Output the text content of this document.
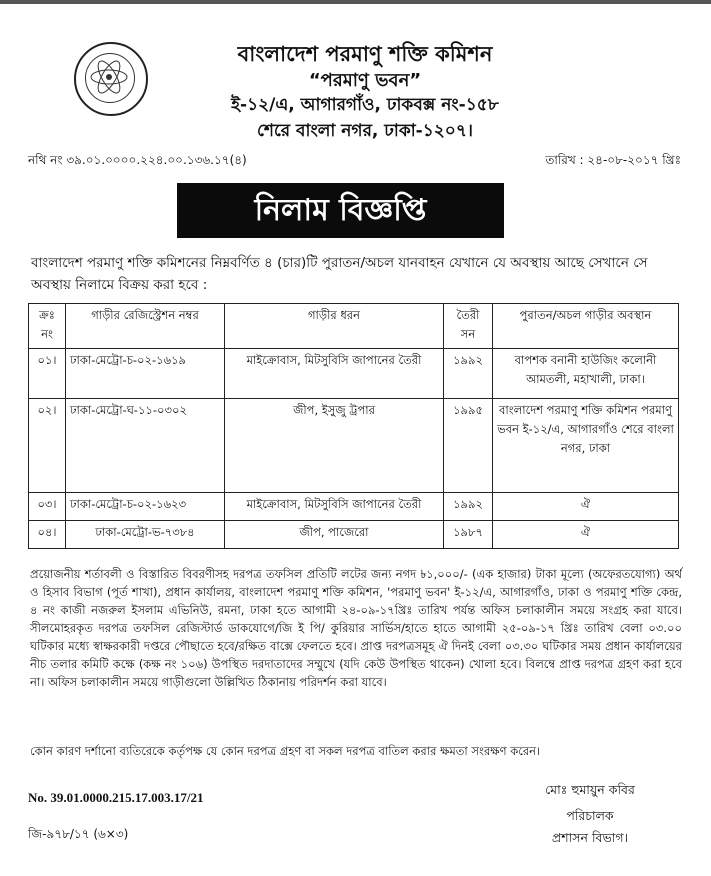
বাংলাদেশ পরমাণু শক্তি কমিশন
“পরমাণু ভবন”
ই-১২/এ, আগারগাঁও, ঢাকবক্স নং-১৫৮
শেরে বাংলা নগর, ঢাকা-১২০৭।
নথি নং ৩৯.০১.০০০০.২২৪.০০.১৩৬.১৭(৪)	তারিখ : ২৪-০৮-২০১৭ খ্রিঃ
নিলাম বিজ্ঞপ্তি
বাংলাদেশ পরমাণু শক্তি কমিশনের নিম্নবর্ণিত ৪ (চার)টি পুরাতন/অচল যানবাহন যেখানে যে অবস্থায় আছে সেখানে সে অবস্থায় নিলামে বিক্রয় করা হবে :
ক্রঃ নং	গাড়ীর রেজিস্ট্রেশন নম্বর	গাড়ীর ধরন	তৈরী সন	পুরাতন/অচল গাড়ীর অবস্থান
০১।	ঢাকা-মেট্রো-চ-০২-১৬১৯	মাইক্রোবাস, মিটসুবিসি জাপানের তৈরী	১৯৯২	বাপশক বনানী হাউজিং কলোনী আমতলী, মহাখালী, ঢাকা।
০২।	ঢাকা-মেট্রো-ঘ-১১-০৩০২	জীপ, ইসুজু ট্রপার	১৯৯৫	বাংলাদেশ পরমাণু শক্তি কমিশন পরমাণু ভবন ই-১২/এ, আগারগাঁও শেরে বাংলা নগর, ঢাকা
০৩।	ঢাকা-মেট্রো-চ-০২-১৬২৩	মাইক্রোবাস, মিটসুবিসি জাপানের তৈরী	১৯৯২	ঐ
০৪।	ঢাকা-মেট্রো-ভ-৭৩৮৪	জীপ, পাজেরো	১৯৮৭	ঐ
প্রয়োজনীয় শর্তাবলী ও বিস্তারিত বিবরণীসহ দরপত্র তফসিল প্রতিটি লটের জন্য নগদ ৳১,০০০/- (এক হাজার) টাকা মূল্যে (অফেরতযোগ্য) অর্থ ও হিসাব বিভাগ (পূর্ত শাখা), প্রধান কার্যালয়, বাংলাদেশ পরমাণু শক্তি কমিশন, 'পরমাণু ভবন' ই-১২/এ, আগারগাঁও, ঢাকা ও পরমাণু শক্তি কেন্দ্র, ৪ নং কাজী নজরুল ইসলাম এভিনিউ, রমনা, ঢাকা হতে আগামী ২৪-০৯-১৭খ্রিঃ তারিখ পর্যন্ত অফিস চলাকালীন সময়ে সংগ্রহ করা যাবে। সীলমোহরকৃত দরপত্র তফসিল রেজিস্টার্ড ডাকযোগে/জি ই পি/ কুরিয়ার সার্ভিস/হাতে হাতে আগামী ২৫-০৯-১৭ খ্রিঃ তারিখ বেলা ০৩.০০ ঘটিকার মধ্যে স্বাক্ষরকারী দপ্তরে পৌছাতে হবে/রক্ষিত বাক্সে ফেলতে হবে। প্রাপ্ত দরপত্রসমূহ ঐ দিনই বেলা ০৩.৩০ ঘটিকার সময় প্রধান কার্যালয়ের নীচ তলার কমিটি কক্ষে (কক্ষ নং ১০৬) উপস্থিত দরদাতাদের সম্মুখে (যদি কেউ উপস্থিত থাকেন) খোলা হবে। বিলম্বে প্রাপ্ত দরপত্র গ্রহণ করা হবে না। অফিস চলাকালীন সময়ে গাড়ীগুলো উল্লিখিত ঠিকানায় পরিদর্শন করা যাবে।
কোন কারণ দর্শানো ব্যতিরেকে কর্তৃপক্ষ যে কোন দরপত্র গ্রহণ বা সকল দরপত্র বাতিল করার ক্ষমতা সংরক্ষণ করেন।
No. 39.01.0000.215.17.003.17/21
মোঃ হুমায়ুন কবির
পরিচালক
প্রশাসন বিভাগ।
জি-৯৭৮/১৭ (৬×৩)
